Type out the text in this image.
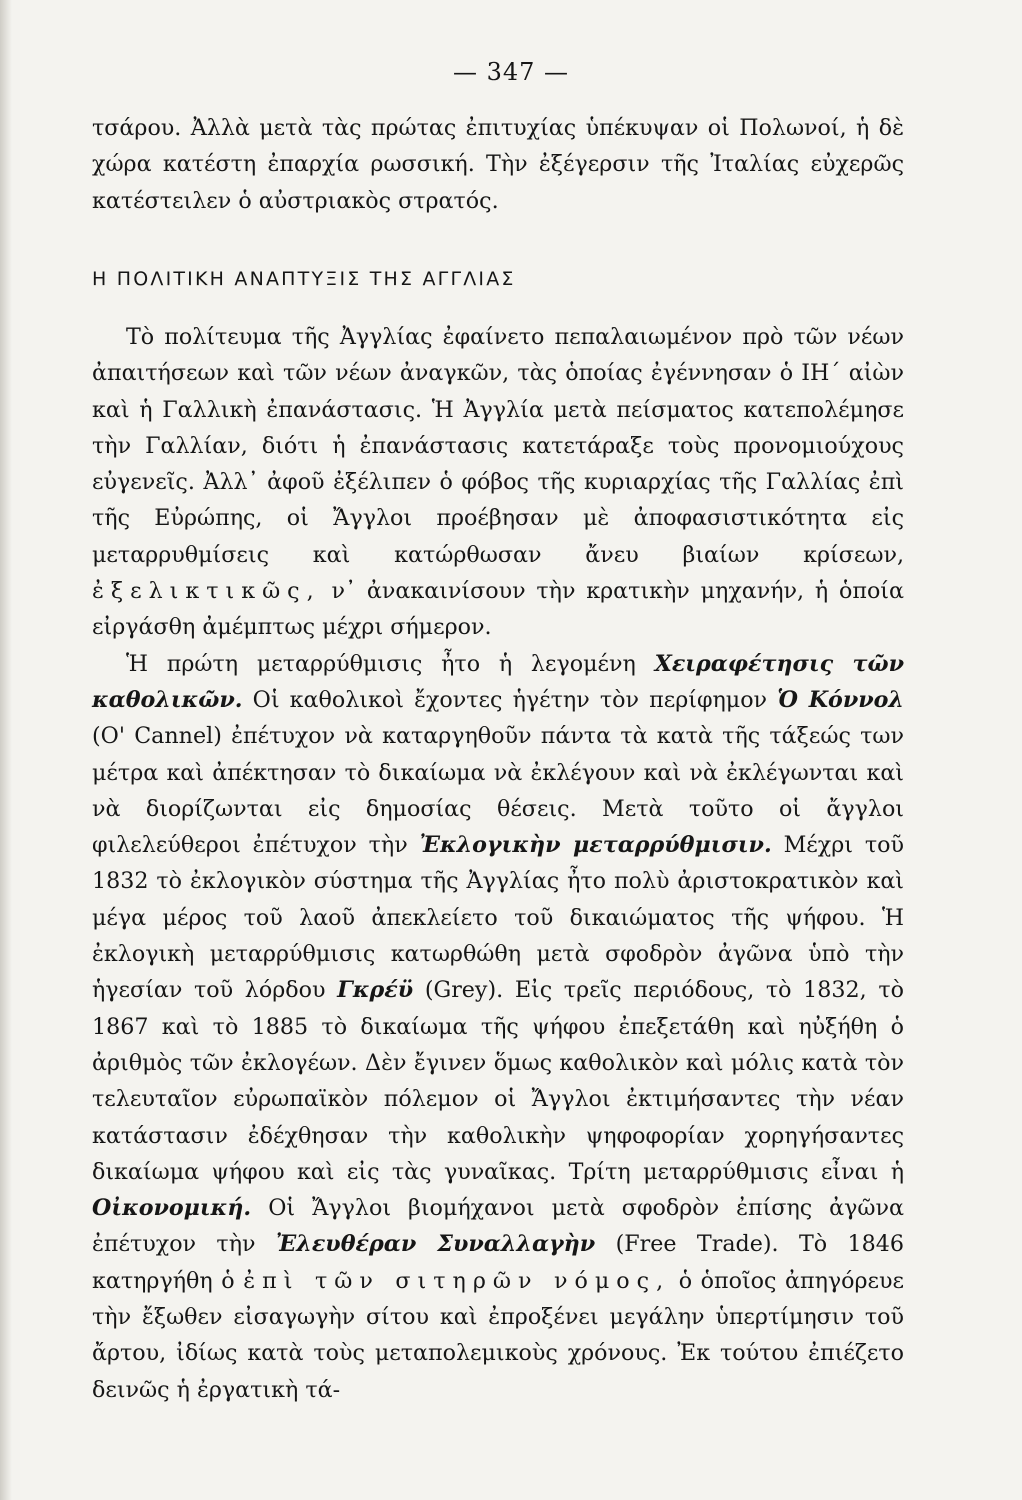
— 347 —

τσάρου. Ἀλλὰ μετὰ τὰς πρώτας ἐπιτυχίας ὑπέκυψαν οἱ Πολωνοί, ἡ δὲ χώρα κατέστη ἐπαρχία ρωσσική. Τὴν ἐξέγερσιν τῆς Ἰταλίας εὐχερῶς κατέστειλεν ὁ αὐστριακὸς στρατός.

Η ΠΟΛΙΤΙΚΗ ΑΝΑΠΤΥΞΙΣ ΤΗΣ ΑΓΓΛΙΑΣ

Τὸ πολίτευμα τῆς Ἀγγλίας ἐφαίνετο πεπαλαιωμένον πρὸ τῶν νέων ἀπαιτήσεων καὶ τῶν νέων ἀναγκῶν, τὰς ὁποίας ἐγέννησαν ὁ ΙΗ΄ αἰὼν καὶ ἡ Γαλλικὴ ἐπανάστασις. Ἡ Ἀγγλία μετὰ πείσματος κατεπολέμησε τὴν Γαλλίαν, διότι ἡ ἐπανάστασις κατετάραξε τοὺς προνομιούχους εὐγενεῖς. Ἀλλ᾽ ἀφοῦ ἐξέλιπεν ὁ φόβος τῆς κυριαρχίας τῆς Γαλλίας ἐπὶ τῆς Εὐρώπης, οἱ Ἄγγλοι προέβησαν μὲ ἀποφασιστικότητα εἰς μεταρρυθμίσεις καὶ κατώρθωσαν ἄνευ βιαίων κρίσεων, ἐξελικτικῶς, ν᾽ ἀνακαινίσουν τὴν κρατικὴν μηχανήν, ἡ ὁποία εἰργάσθη ἀμέμπτως μέχρι σήμερον.

Ἡ πρώτη μεταρρύθμισις ἦτο ἡ λεγομένη Χειραφέτησις τῶν καθολικῶν. Οἱ καθολικοὶ ἔχοντες ἡγέτην τὸν περίφημον Ὁ Κόννολ (O' Cannel) ἐπέτυχον νὰ καταργηθοῦν πάντα τὰ κατὰ τῆς τάξεώς των μέτρα καὶ ἀπέκτησαν τὸ δικαίωμα νὰ ἐκλέγουν καὶ νὰ ἐκλέγωνται καὶ νὰ διορίζωνται εἰς δημοσίας θέσεις. Μετὰ τοῦτο οἱ ἄγγλοι φιλελεύθεροι ἐπέτυχον τὴν Ἐκλογικὴν μεταρρύθμισιν. Μέχρι τοῦ 1832 τὸ ἐκλογικὸν σύστημα τῆς Ἀγγλίας ἦτο πολὺ ἀριστοκρατικὸν καὶ μέγα μέρος τοῦ λαοῦ ἀπεκλείετο τοῦ δικαιώματος τῆς ψήφου. Ἡ ἐκλογικὴ μεταρρύθμισις κατωρθώθη μετὰ σφοδρὸν ἀγῶνα ὑπὸ τὴν ἡγεσίαν τοῦ λόρδου Γκρέϋ (Grey). Εἰς τρεῖς περιόδους, τὸ 1832, τὸ 1867 καὶ τὸ 1885 τὸ δικαίωμα τῆς ψήφου ἐπεξετάθη καὶ ηὐξήθη ὁ ἀριθμὸς τῶν ἐκλογέων. Δὲν ἔγινεν ὅμως καθολικὸν καὶ μόλις κατὰ τὸν τελευταῖον εὐρωπαϊκὸν πόλεμον οἱ Ἄγγλοι ἐκτιμήσαντες τὴν νέαν κατάστασιν ἐδέχθησαν τὴν καθολικὴν ψηφοφορίαν χορηγήσαντες δικαίωμα ψήφου καὶ εἰς τὰς γυναῖκας. Τρίτη μεταρρύθμισις εἶναι ἡ Οἰκονομική. Οἱ Ἄγγλοι βιομήχανοι μετὰ σφοδρὸν ἐπίσης ἀγῶνα ἐπέτυχον τὴν Ἐλευθέραν Συναλλαγὴν (Free Trade). Τὸ 1846 κατηργήθη ὁ ἐπὶ τῶν σιτηρῶν νόμος, ὁ ὁποῖος ἀπηγόρευε τὴν ἔξωθεν εἰσαγωγὴν σίτου καὶ ἐπροξένει μεγάλην ὑπερτίμησιν τοῦ ἄρτου, ἰδίως κατὰ τοὺς μεταπολεμικοὺς χρόνους. Ἐκ τούτου ἐπιέζετο δεινῶς ἡ ἐργατικὴ τά-
